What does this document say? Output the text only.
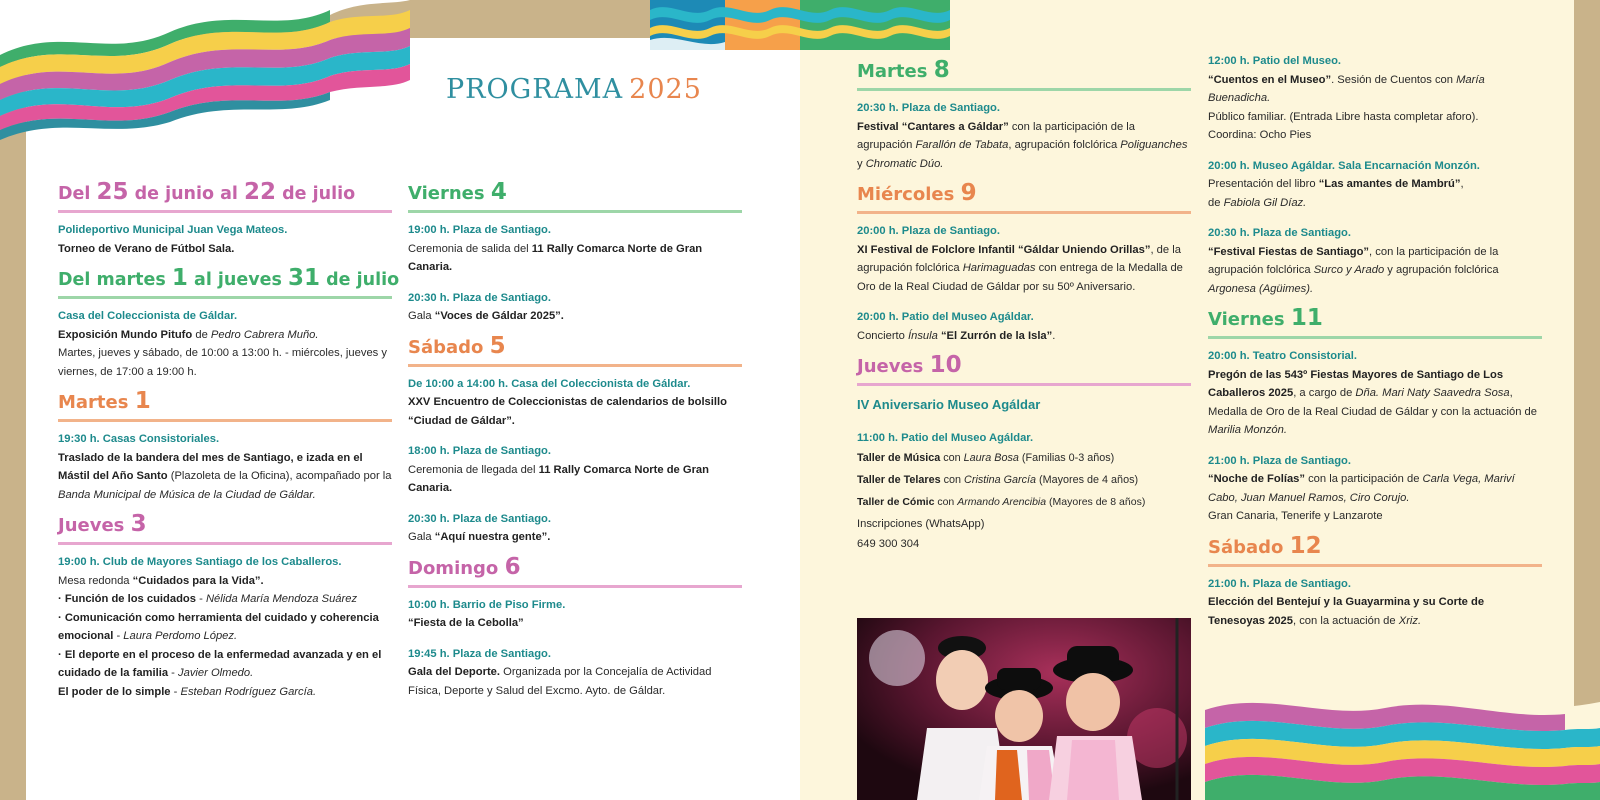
PROGRAMA 2025
Del 25 de junio al 22 de julio

Polideportivo Municipal Juan Vega Mateos.

Torneo de Verano de Fútbol Sala.

Del martes 1 al jueves 31 de julio

Casa del Coleccionista de Gáldar.

Exposición Mundo Pitufo de Pedro Cabrera Muño.

Martes, jueves y sábado, de 10:00 a 13:00 h. - miércoles, jueves y viernes, de 17:00 a 19:00 h.

Martes 1

19:30 h. Casas Consistoriales.

Traslado de la bandera del mes de Santiago, e izada en el Mástil del Año Santo (Plazoleta de la Oficina), acompañado por la Banda Municipal de Música de la Ciudad de Gáldar.

Jueves 3

19:00 h. Club de Mayores Santiago de los Caballeros.

Mesa redonda “Cuidados para la Vida”.

· Función de los cuidados - Nélida María Mendoza Suárez

· Comunicación como herramienta del cuidado y coherencia emocional - Laura Perdomo López.

· El deporte en el proceso de la enfermedad avanzada y en el cuidado de la familia - Javier Olmedo.

El poder de lo simple - Esteban Rodríguez García.

Viernes 4

19:00 h. Plaza de Santiago.

Ceremonia de salida del 11 Rally Comarca Norte de Gran Canaria.

20:30 h. Plaza de Santiago.

Gala “Voces de Gáldar 2025”.

Sábado 5

De 10:00 a 14:00 h. Casa del Coleccionista de Gáldar.

XXV Encuentro de Coleccionistas de calendarios de bolsillo “Ciudad de Gáldar”.

18:00 h. Plaza de Santiago.

Ceremonia de llegada del 11 Rally Comarca Norte de Gran Canaria.

20:30 h. Plaza de Santiago.

Gala “Aquí nuestra gente”.

Domingo 6

10:00 h. Barrio de Piso Firme.

“Fiesta de la Cebolla”

19:45 h. Plaza de Santiago.

Gala del Deporte. Organizada por la Concejalía de Actividad Física, Deporte y Salud del Excmo. Ayto. de Gáldar.

Martes 8

20:30 h. Plaza de Santiago.

Festival “Cantares a Gáldar” con la participación de la agrupación Farallón de Tabata, agrupación folclórica Poliguanches y Chromatic Dúo.

Miércoles 9

20:00 h. Plaza de Santiago.

XI Festival de Folclore Infantil “Gáldar Uniendo Orillas”, de la agrupación folclórica Harimaguadas con entrega de la Medalla de Oro de la Real Ciudad de Gáldar por su 50º Aniversario.

20:00 h. Patio del Museo Agáldar.

Concierto Ínsula “El Zurrón de la Isla”.

Jueves 10
IV Aniversario Museo Agáldar

11:00 h. Patio del Museo Agáldar.

Taller de Música con Laura Bosa (Familias 0-3 años)

Taller de Telares con Cristina García (Mayores de 4 años)

Taller de Cómic con Armando Arencibia (Mayores de 8 años)

Inscripciones (WhatsApp)

649 300 304

12:00 h. Patio del Museo.

“Cuentos en el Museo”. Sesión de Cuentos con María Buenadicha.

Público familiar. (Entrada Libre hasta completar aforo).

Coordina: Ocho Pies

20:00 h. Museo Agáldar. Sala Encarnación Monzón.

Presentación del libro “Las amantes de Mambrú”,

de Fabiola Gil Díaz.

20:30 h. Plaza de Santiago.

“Festival Fiestas de Santiago”, con la participación de la agrupación folclórica Surco y Arado y agrupación folclórica Argonesa (Agüimes).

Viernes 11

20:00 h. Teatro Consistorial.

Pregón de las 543º Fiestas Mayores de Santiago de Los Caballeros 2025, a cargo de Dña. Mari Naty Saavedra Sosa, Medalla de Oro de la Real Ciudad de Gáldar y con la actuación de Marilia Monzón.

21:00 h. Plaza de Santiago.

“Noche de Folías” con la participación de Carla Vega, Mariví Cabo, Juan Manuel Ramos, Ciro Corujo.

Gran Canaria, Tenerife y Lanzarote

Sábado 12

21:00 h. Plaza de Santiago.

Elección del Bentejuí y la Guayarmina y su Corte de Tenesoyas 2025, con la actuación de Xriz.
